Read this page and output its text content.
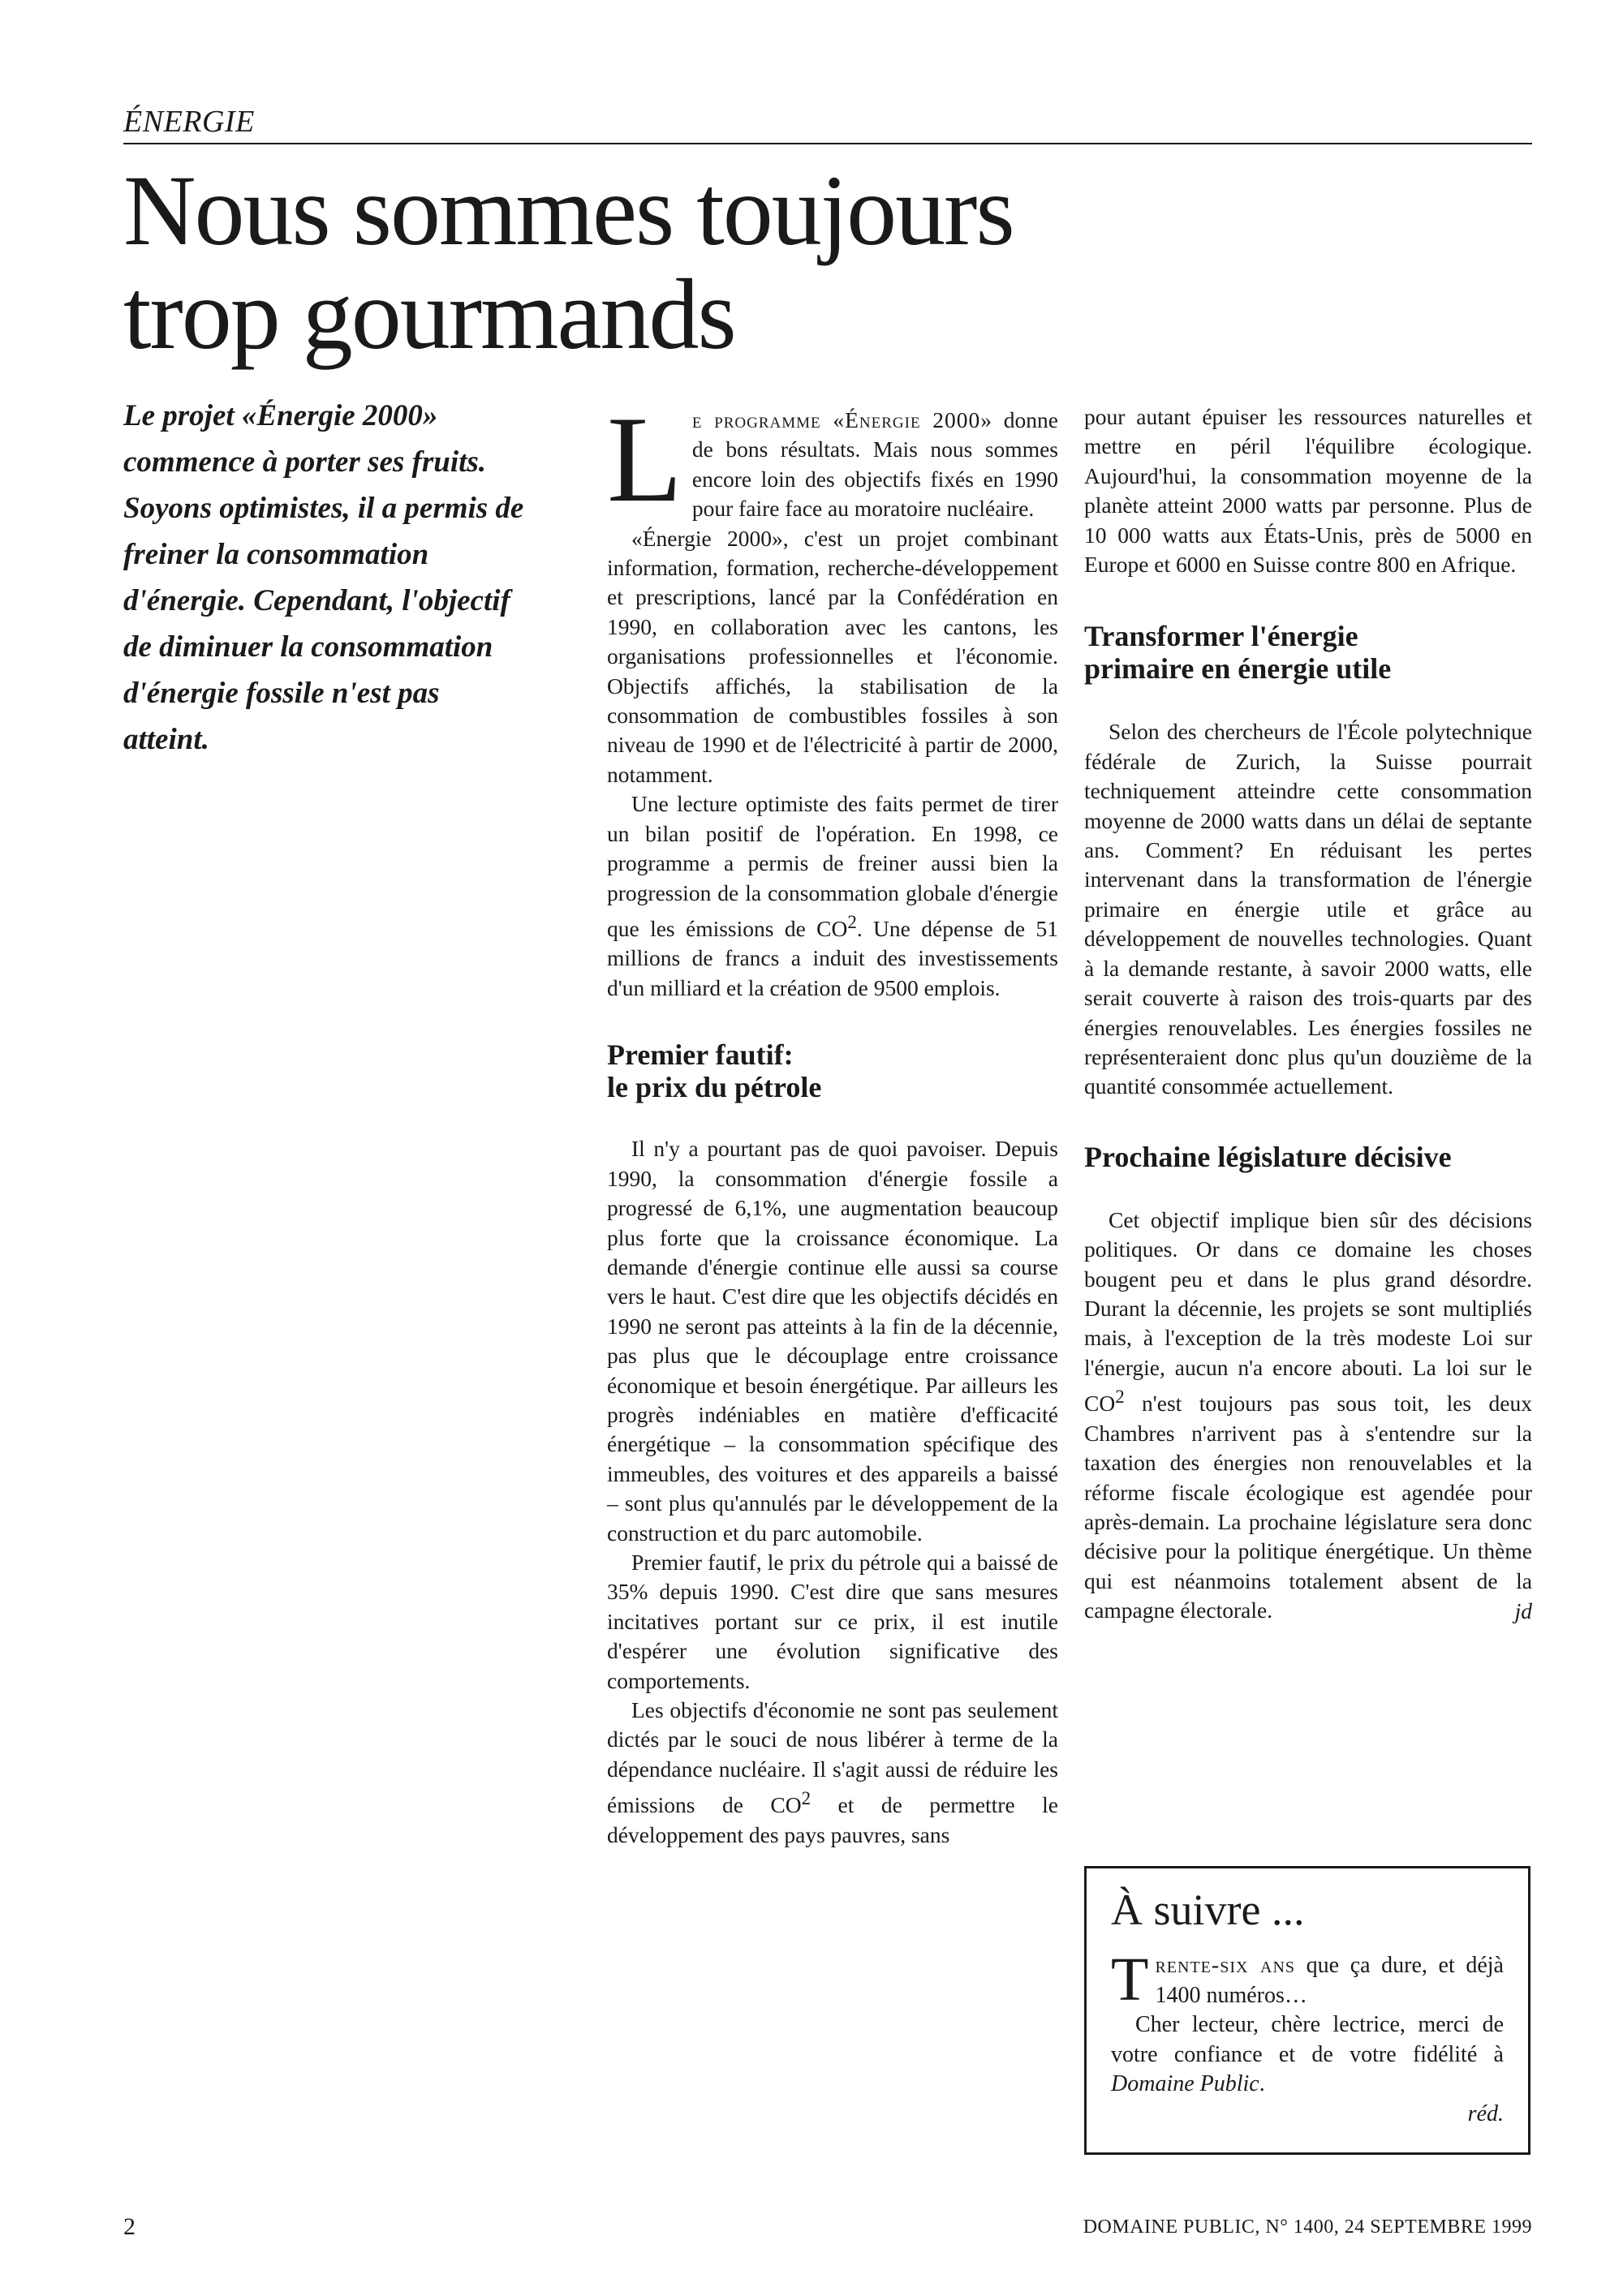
ÉNERGIE
Nous sommes toujours trop gourmands
Le projet «Énergie 2000» commence à porter ses fruits. Soyons optimistes, il a permis de freiner la consommation d'énergie. Cependant, l'objectif de diminuer la consommation d'énergie fossile n'est pas atteint.

Le programme «Énergie 2000» donne de bons résultats. Mais nous sommes encore loin des objectifs fixés en 1990 pour faire face au moratoire nucléaire.

«Énergie 2000», c'est un projet combinant information, formation, recherche-développement et prescriptions, lancé par la Confédération en 1990, en collaboration avec les cantons, les organisations professionnelles et l'économie. Objectifs affichés, la stabilisation de la consommation de combustibles fossiles à son niveau de 1990 et de l'électricité à partir de 2000, notamment.

Une lecture optimiste des faits permet de tirer un bilan positif de l'opération. En 1998, ce programme a permis de freiner aussi bien la progression de la consommation globale d'énergie que les émissions de $CO^2$. Une dépense de 51 millions de francs a induit des investissements d'un milliard et la création de 9500 emplois.

Premier fautif:
le prix du pétrole

Il n'y a pourtant pas de quoi pavoiser. Depuis 1990, la consommation d'énergie fossile a progressé de 6,1%, une augmentation beaucoup plus forte que la croissance économique. La demande d'énergie continue elle aussi sa course vers le haut. C'est dire que les objectifs décidés en 1990 ne seront pas atteints à la fin de la décennie, pas plus que le découplage entre croissance économique et besoin énergétique. Par ailleurs les progrès indéniables en matière d'efficacité énergétique – la consommation spécifique des immeubles, des voitures et des appareils a baissé – sont plus qu'annulés par le développement de la construction et du parc automobile.

Premier fautif, le prix du pétrole qui a baissé de 35% depuis 1990. C'est dire que sans mesures incitatives portant sur ce prix, il est inutile d'espérer une évolution significative des comportements.

Les objectifs d'économie ne sont pas seulement dictés par le souci de nous libérer à terme de la dépendance nucléaire. Il s'agit aussi de réduire les émissions de $CO^2$ et de permettre le développement des pays pauvres, sans

pour autant épuiser les ressources naturelles et mettre en péril l'équilibre écologique. Aujourd'hui, la consommation moyenne de la planète atteint 2000 watts par personne. Plus de 10 000 watts aux États-Unis, près de 5000 en Europe et 6000 en Suisse contre 800 en Afrique.

Transformer l'énergie
primaire en énergie utile

Selon des chercheurs de l'École polytechnique fédérale de Zurich, la Suisse pourrait techniquement atteindre cette consommation moyenne de 2000 watts dans un délai de septante ans. Comment? En réduisant les pertes intervenant dans la transformation de l'énergie primaire en énergie utile et grâce au développement de nouvelles technologies. Quant à la demande restante, à savoir 2000 watts, elle serait couverte à raison des trois-quarts par des énergies renouvelables. Les énergies fossiles ne représenteraient donc plus qu'un douzième de la quantité consommée actuellement.

Prochaine législature décisive

Cet objectif implique bien sûr des décisions politiques. Or dans ce domaine les choses bougent peu et dans le plus grand désordre. Durant la décennie, les projets se sont multipliés mais, à l'exception de la très modeste Loi sur l'énergie, aucun n'a encore abouti. La loi sur le $CO^2$ n'est toujours pas sous toit, les deux Chambres n'arrivent pas à s'entendre sur la taxation des énergies non renouvelables et la réforme fiscale écologique est agendée pour après-demain. La prochaine législature sera donc décisive pour la politique énergétique. Un thème qui est néanmoins totalement absent de la campagne électorale.	jd
À suivre ...

Trente-six ans que ça dure, et déjà 1400 numéros…

Cher lecteur, chère lectrice, merci de votre confiance et de votre fidélité à Domaine Public.

réd.
2	DOMAINE PUBLIC, N° 1400, 24 SEPTEMBRE 1999
